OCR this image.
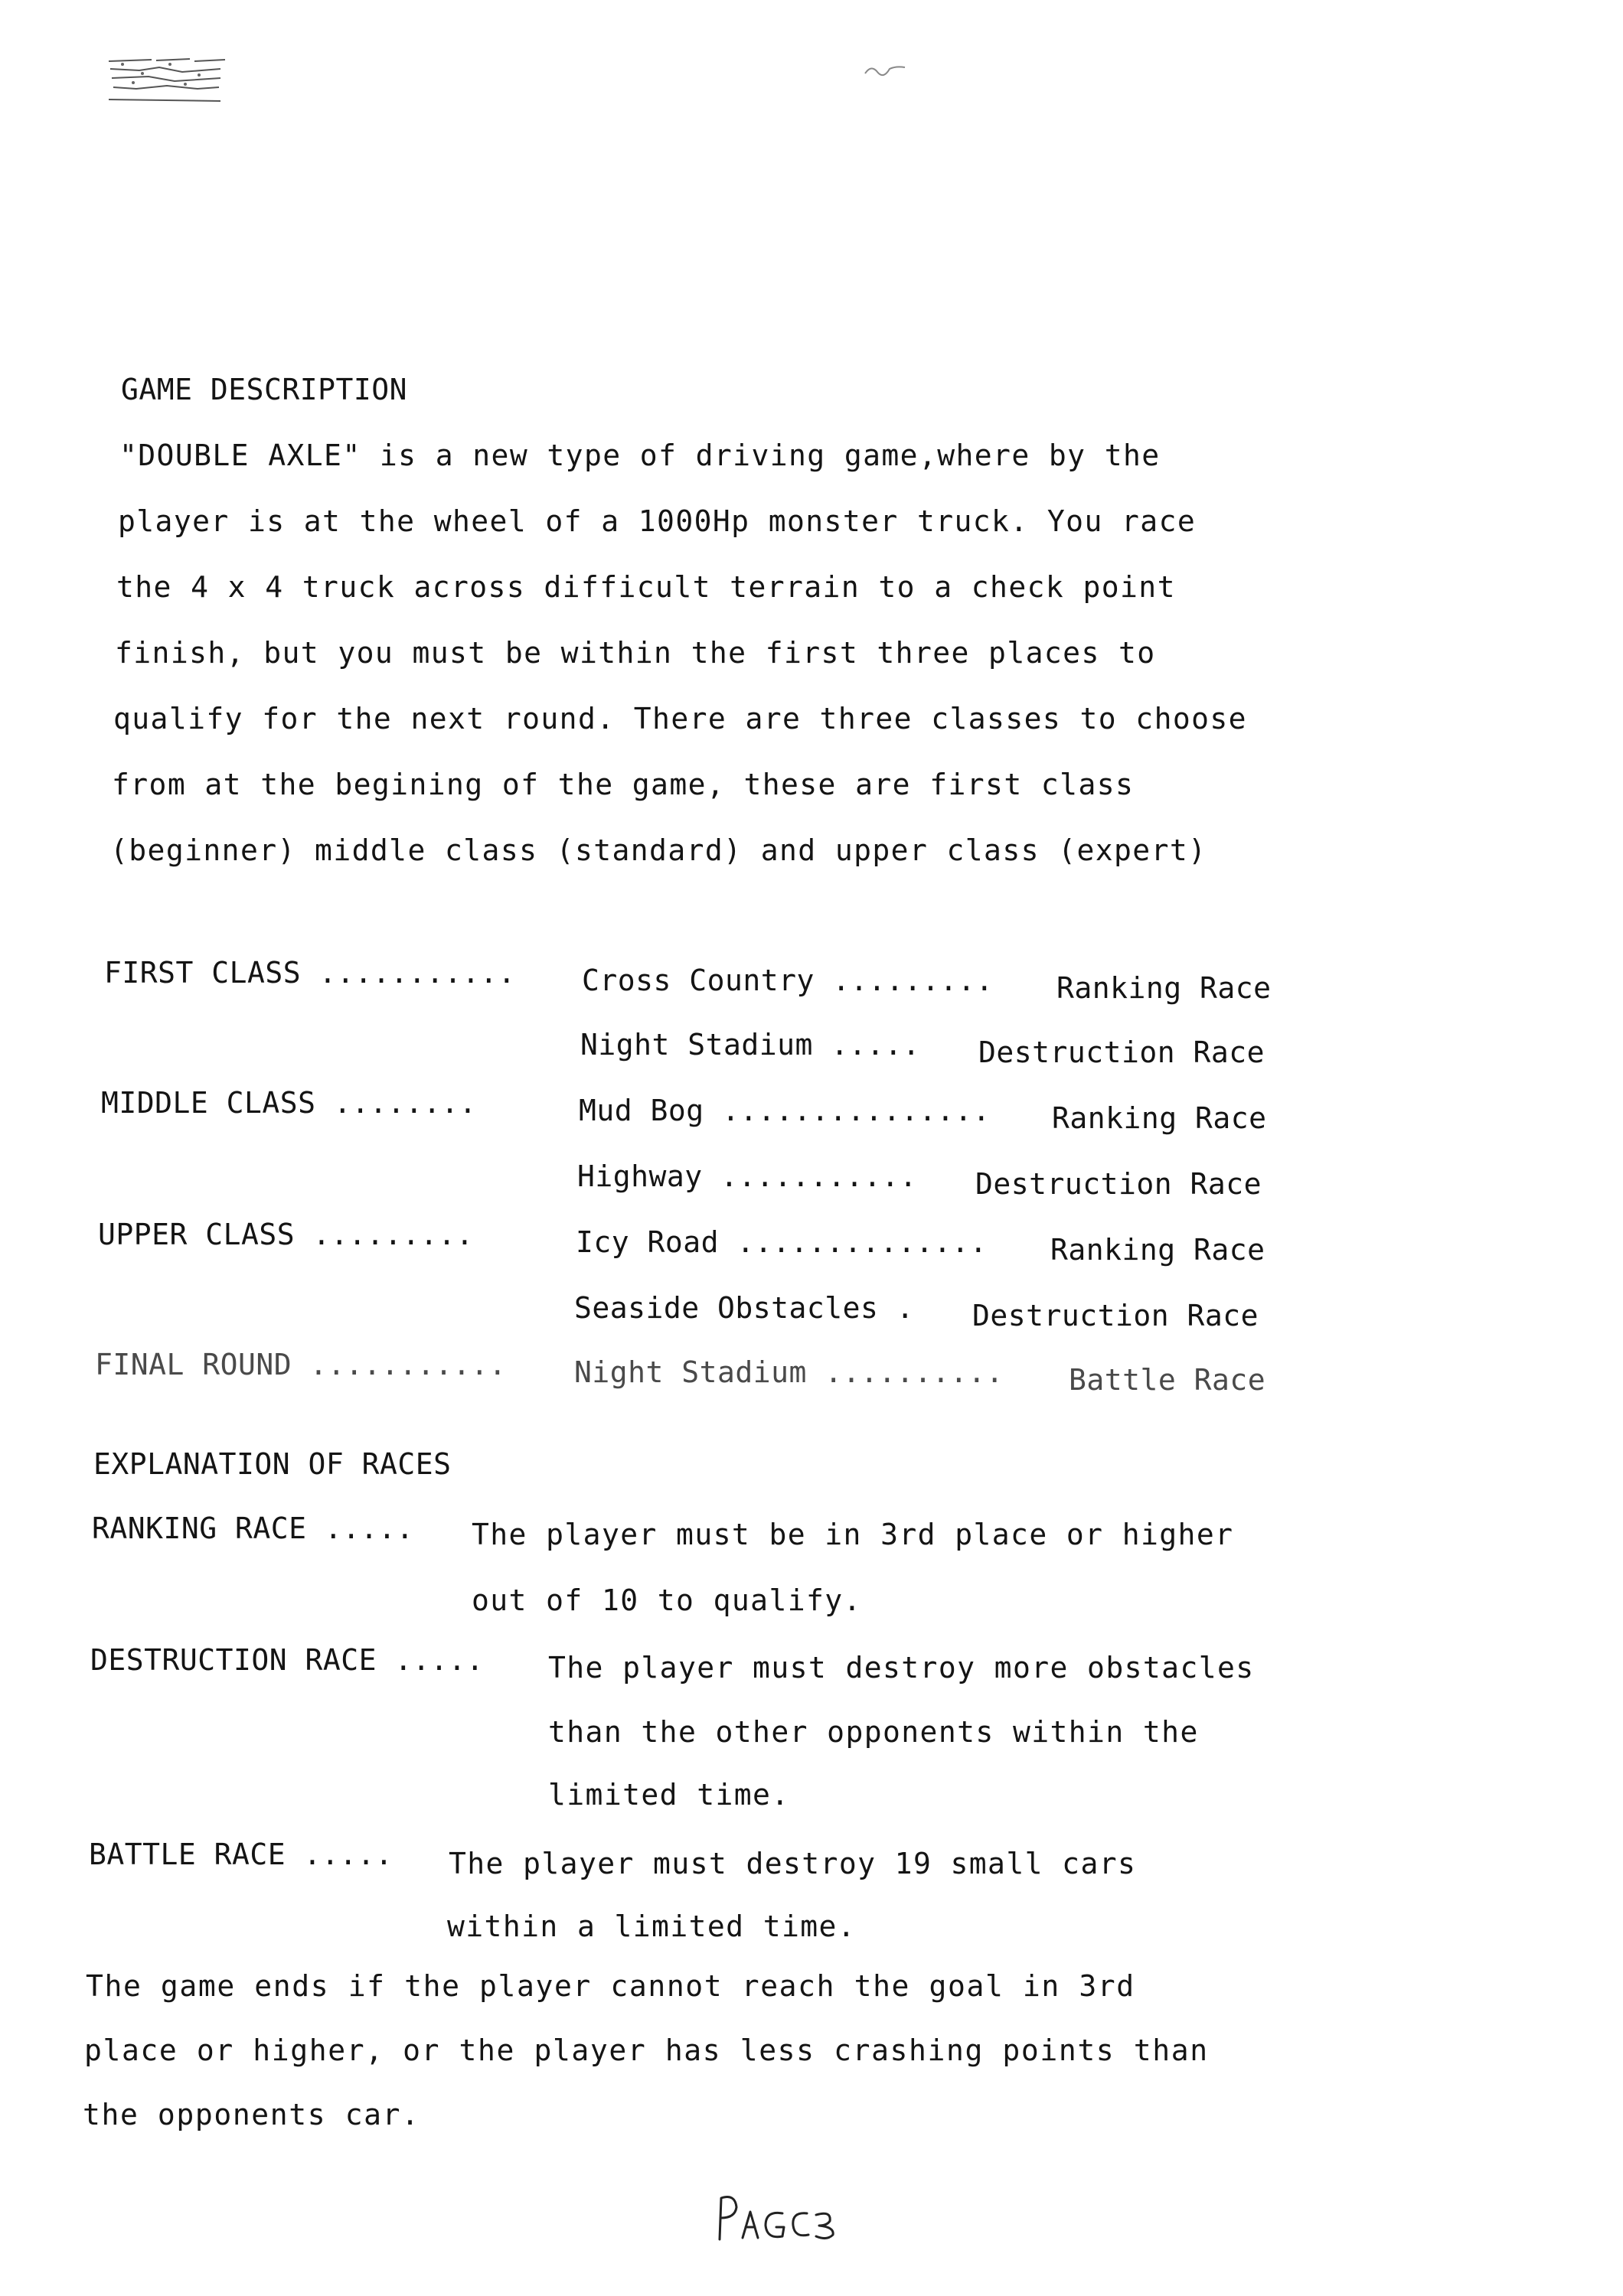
GAME DESCRIPTION
"DOUBLE AXLE" is a new type of driving game,where by the
player is at the wheel of a 1000Hp monster truck. You race
the 4 x 4 truck across difficult terrain to a check point
finish, but you must be within the first three places to
qualify for the next round. There are three classes to choose
from at the begining of the game, these are first class
(beginner) middle class (standard) and upper class (expert)
FIRST CLASS ........... Cross Country ......... Ranking Race
Night Stadium ..... Destruction Race
MIDDLE CLASS ........	Mud Bog ............... Ranking Race
Highway ........... Destruction Race
UPPER CLASS .........	Icy Road .............. Ranking Race
Seaside Obstacles . Destruction Race
FINAL ROUND ........... Night Stadium .......... Battle Race
EXPLANATION OF RACES
RANKING RACE ..... The player must be in 3rd place or higher
out of 10 to qualify.
DESTRUCTION RACE ..... The player must destroy more obstacles
than the other opponents within the
limited time.
BATTLE RACE ..... The player must destroy 19 small cars
within a limited time.
The game ends if the player cannot reach the goal in 3rd
place or higher, or the player has less crashing points than
the opponents car.
